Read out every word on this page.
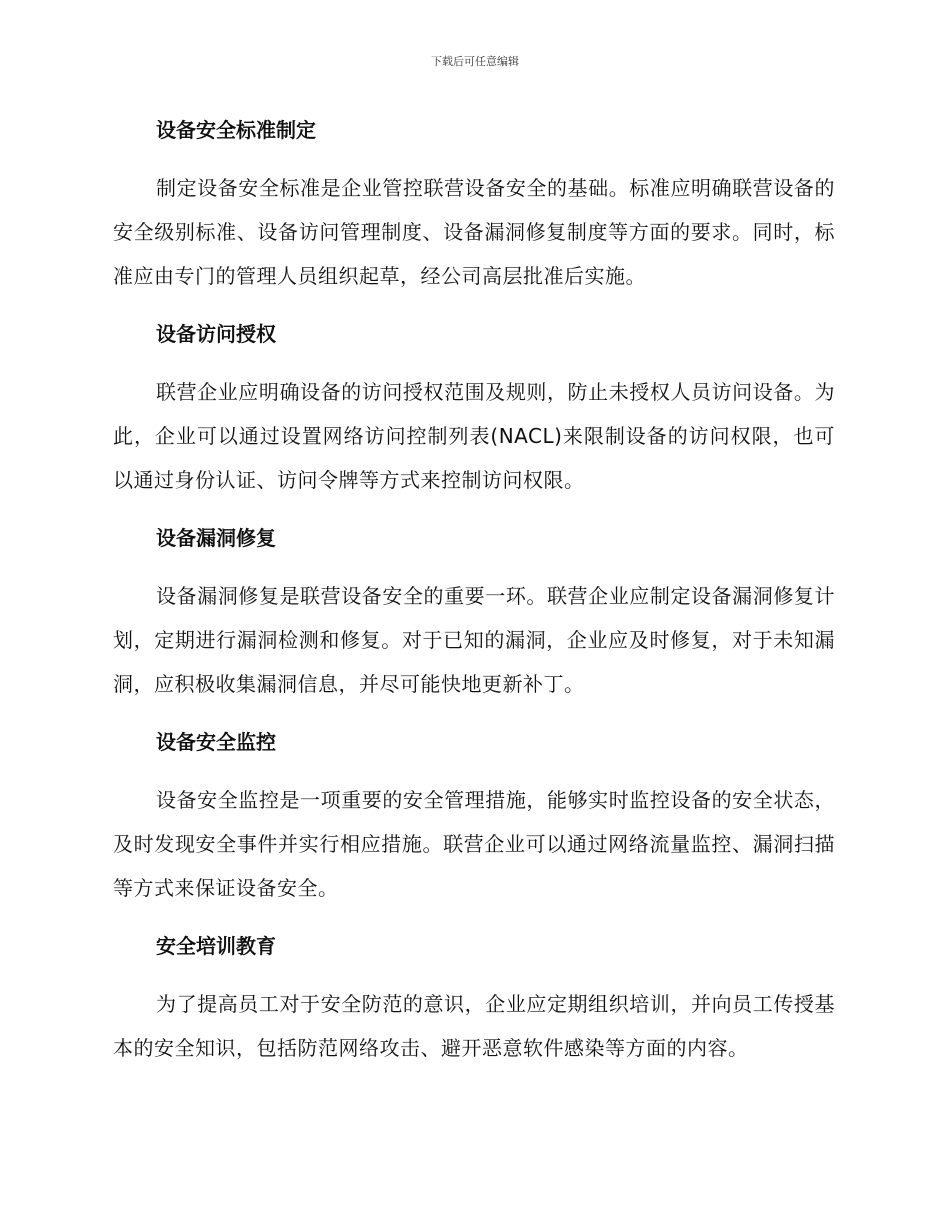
下载后可任意编辑
设备安全标准制定

制定设备安全标准是企业管控联营设备安全的基础。标准应明确联营设备的安全级别标准、设备访问管理制度、设备漏洞修复制度等方面的要求。同时，标准应由专门的管理人员组织起草，经公司高层批准后实施。

设备访问授权

联营企业应明确设备的访问授权范围及规则，防止未授权人员访问设备。为此，企业可以通过设置网络访问控制列表(NACL)来限制设备的访问权限，也可以通过身份认证、访问令牌等方式来控制访问权限。

设备漏洞修复

设备漏洞修复是联营设备安全的重要一环。联营企业应制定设备漏洞修复计划，定期进行漏洞检测和修复。对于已知的漏洞，企业应及时修复，对于未知漏洞，应积极收集漏洞信息，并尽可能快地更新补丁。

设备安全监控

设备安全监控是一项重要的安全管理措施，能够实时监控设备的安全状态，及时发现安全事件并实行相应措施。联营企业可以通过网络流量监控、漏洞扫描等方式来保证设备安全。

安全培训教育

为了提高员工对于安全防范的意识，企业应定期组织培训，并向员工传授基本的安全知识，包括防范网络攻击、避开恶意软件感染等方面的内容。
